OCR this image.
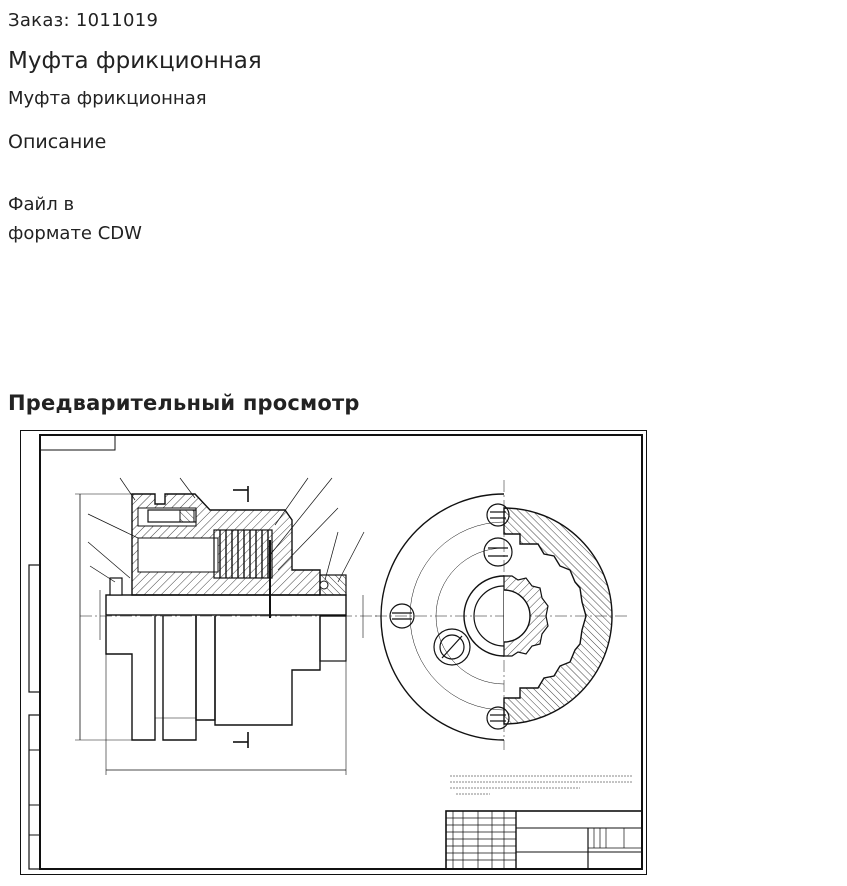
Заказ: 1011019
Муфта фрикционная
Муфта фрикционная
Описание
Файл в
формате CDW
Предварительный просмотр
